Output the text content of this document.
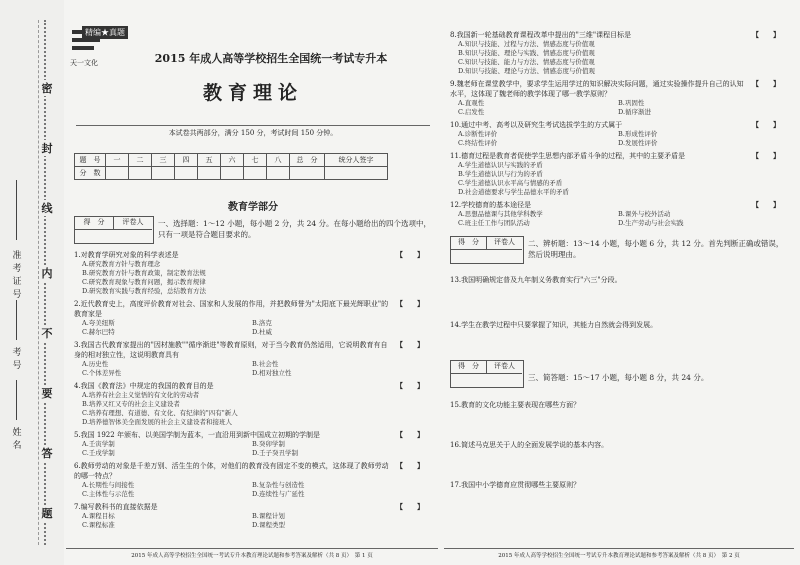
密
封
线
内
不
要
答
题
准考证号
考号
姓名
精编★真题
天一文化	2015 年成人高等学校招生全国统一考试专升本
教育理论
本试卷共两部分，满分 150 分，考试时间 150 分钟。
题　号	一	二	三	四	五	六	七	八	总　分	统分人签字
分　数										
教育学部分
得　分	评卷人	一、选择题：1～12 小题，每小题 2 分，共 24 分。在每小题给出的四个选项中，只有一项是符合题目要求的。
1.对教育学研究对象的科学表述是	【　　】
A.研究教育方针与教育理念
B.研究教育方针与教育政策，制定教育法规
C.研究教育现象与教育问题，揭示教育规律
D.研究教育实践与教育经验，总结教育方法
2.近代教育史上，高度评价教育对社会、国家和人发展的作用，并把教师誉为"太阳底下最光辉职业"的教育家是
【　　】
A.夸美纽斯	B.洛克
C.赫尔巴特	D.杜威
3.我国古代教育家提出的"因材施教""循序渐进"等教育原则，对于当今教育仍然适用，它说明教育有自身的相对独立性，这说明教育具有
【　　】
A.历史性	B.社会性
C.个体差异性	D.相对独立性
4.我国《教育法》中规定的我国的教育目的是	【　　】
A.培养有社会主义觉悟的有文化的劳动者
B.培养又红又专的社会主义建设者
C.培养有理想、有道德、有文化、有纪律的"四有"新人
D.培养德智体美全面发展的社会主义建设者和接班人
5.我国 1922 年颁布、以美国学制为蓝本，一直沿用到新中国成立初期的学制是	【　　】
A.壬寅学制	B.癸卯学制
C.壬戌学制	D.壬子癸丑学制
6.教师劳动的对象是千差万别、活生生的个体，对他们的教育没有固定不变的模式，这体现了教师劳动的哪一特点？
【　　】
A.长期性与间接性	B.复杂性与创造性
C.主体性与示范性	D.连续性与广延性
7.编写教科书的直接依据是	【　　】
A.课程目标	B.课程计划
C.课程标准	D.课程类型
2015 年成人高等学校招生全国统一考试专升本教育理论试题和参考答案及解析（共 8 页）　第 1 页
8.我国新一轮基础教育课程改革中提出的"三维"课程目标是	【　　】
A.知识与技能、过程与方法、情感态度与价值观
B.知识与技能、理论与实践、情感态度与价值观
C.知识与技能、能力与方法、情感态度与价值观
D.知识与技能、理论与方法、情感态度与价值观
9.魏老师在课堂教学中，要求学生运用学过的知识解决实际问题，通过实验操作提升自己的认知水平，这体现了魏老师的教学体现了哪一教学原则？
【　　】
A.直观性	B.巩固性
C.启发性	D.循序渐进
10.通过中考、高考以及研究生考试选拔学生的方式属于	【　　】
A.诊断性评价	B.形成性评价
C.终结性评价	D.发展性评价
11.德育过程是教育者促使学生思想内部矛盾斗争的过程，其中的主要矛盾是	【　　】
A.学生道德认识与实践的矛盾
B.学生道德认识与行为的矛盾
C.学生道德认识水平高与情感的矛盾
D.社会道德要求与学生品德水平的矛盾
12.学校德育的基本途径是	【　　】
A.思想品德课与其他学科教学	B.课外与校外活动
C.班主任工作与团队活动	D.生产劳动与社会实践
得　分 评卷人	二、辨析题：13～14 小题，每小题 6 分，共 12 分。首先判断正确或错误，然后说明理由。
13.我国明确规定普及九年制义务教育实行"六三"分段。
14.学生在教学过程中只要掌握了知识，其能力自然就会得到发展。
得　分 评卷人
三、简答题：15～17 小题，每小题 8 分，共 24 分。
15.教育的文化功能主要表现在哪些方面？
16.简述马克思关于人的全面发展学说的基本内容。
17.我国中小学德育应贯彻哪些主要原则？
2015 年成人高等学校招生全国统一考试专升本教育理论试题和参考答案及解析（共 8 页）　第 2 页
